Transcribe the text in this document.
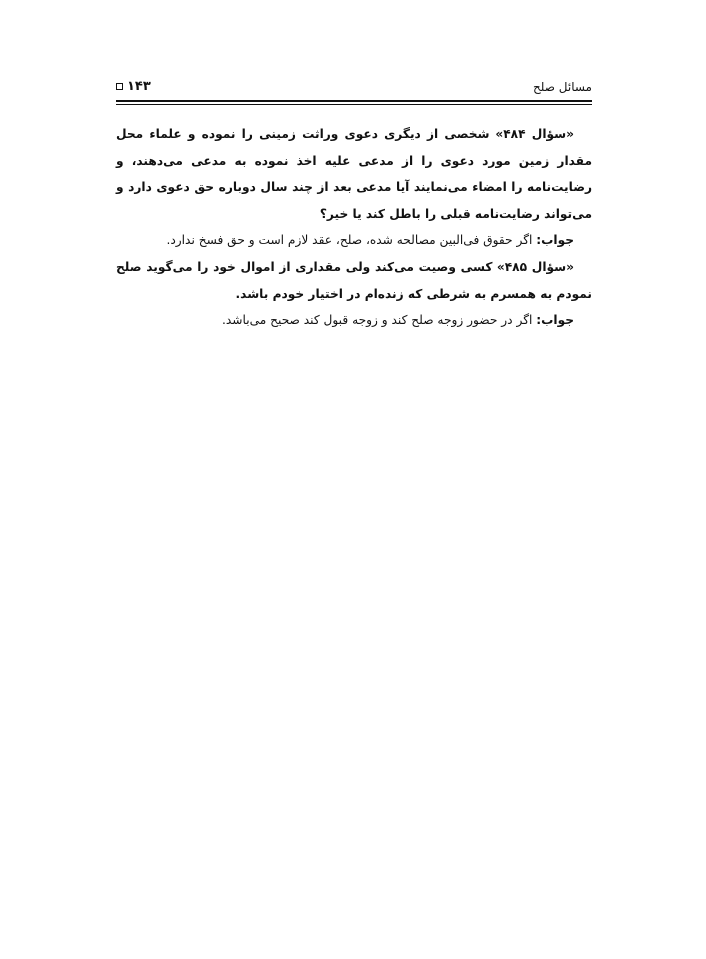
مسائل صلح
۱۴۳

«سؤال ۴۸۴» شخصی از دیگری دعوی وراثت زمینی را نموده و علماء محل مقدار زمین مورد دعوی را از مدعی علیه اخذ نموده به مدعی می‌دهند، و رضایت‌نامه را امضاء می‌نمایند آیا مدعی بعد از چند سال دوباره حق دعوی دارد و می‌تواند رضایت‌نامه قبلی را باطل کند یا خیر؟

جواب: اگر حقوق فی‌البین مصالحه شده، صلح، عقد لازم است و حق فسخ ندارد.

«سؤال ۴۸۵» کسی وصیت می‌کند ولی مقداری از اموال خود را می‌گوید صلح نمودم به همسرم به شرطی که زنده‌ام در اختیار خودم باشد.

جواب: اگر در حضور زوجه صلح کند و زوجه قبول کند صحیح می‌باشد.
